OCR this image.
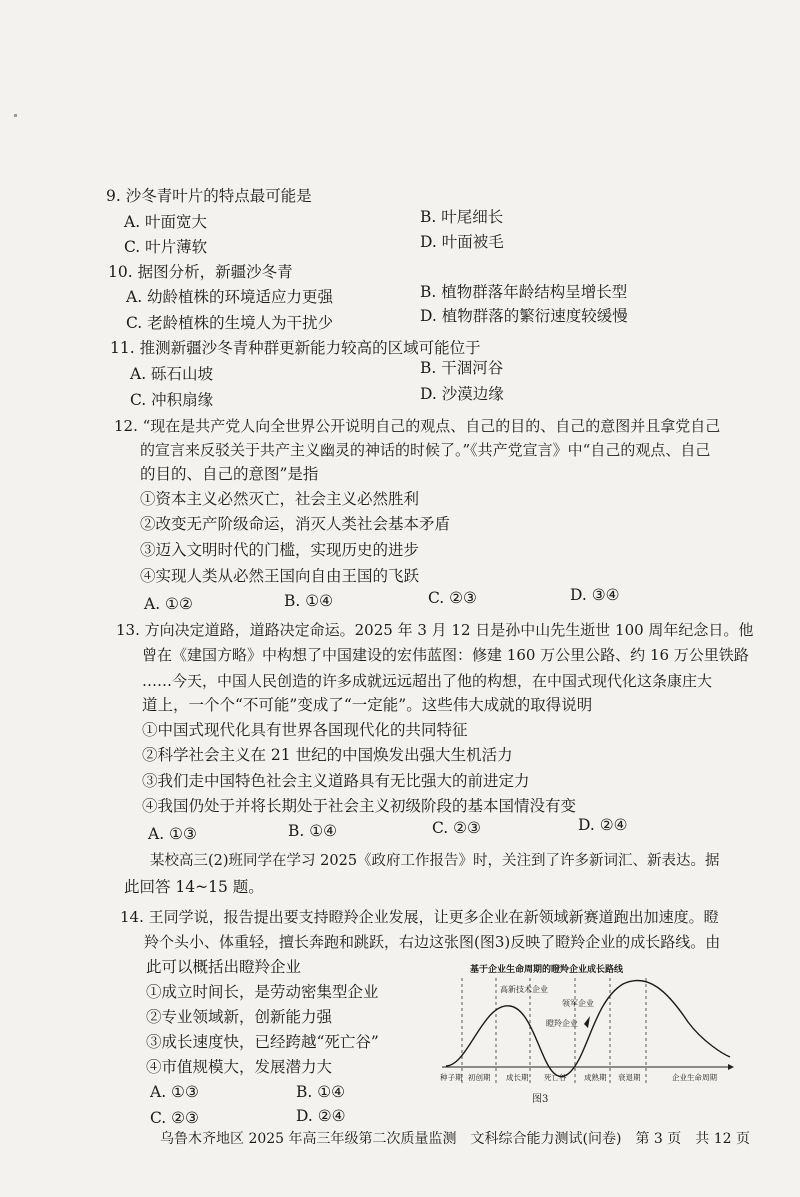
9. 沙冬青叶片的特点最可能是
A. 叶面宽大	B. 叶尾细长
C. 叶片薄软	D. 叶面被毛
10. 据图分析，新疆沙冬青
A. 幼龄植株的环境适应力更强	B. 植物群落年龄结构呈增长型
C. 老龄植株的生境人为干扰少	D. 植物群落的繁衍速度较缓慢
11. 推测新疆沙冬青种群更新能力较高的区域可能位于
A. 砾石山坡	B. 干涸河谷
C. 冲积扇缘	D. 沙漠边缘
12. “现在是共产党人向全世界公开说明自己的观点、自己的目的、自己的意图并且拿党自己
的宣言来反驳关于共产主义幽灵的神话的时候了。”《共产党宣言》中“自己的观点、自己
的目的、自己的意图”是指
①资本主义必然灭亡，社会主义必然胜利
②改变无产阶级命运，消灭人类社会基本矛盾
③迈入文明时代的门槛，实现历史的进步
④实现人类从必然王国向自由王国的飞跃
A. ①②	B. ①④	C. ②③	D. ③④
13. 方向决定道路，道路决定命运。2025 年 3 月 12 日是孙中山先生逝世 100 周年纪念日。他
曾在《建国方略》中构想了中国建设的宏伟蓝图：修建 160 万公里公路、约 16 万公里铁路
……今天，中国人民创造的许多成就远远超出了他的构想，在中国式现代化这条康庄大
道上，一个个“不可能”变成了“一定能”。这些伟大成就的取得说明
①中国式现代化具有世界各国现代化的共同特征
②科学社会主义在 21 世纪的中国焕发出强大生机活力
③我们走中国特色社会主义道路具有无比强大的前进定力
④我国仍处于并将长期处于社会主义初级阶段的基本国情没有变
A. ①③	B. ①④	C. ②③	D. ②④
某校高三(2)班同学在学习 2025《政府工作报告》时，关注到了许多新词汇、新表达。据
此回答 14~15 题。
14. 王同学说，报告提出要支持瞪羚企业发展，让更多企业在新领域新赛道跑出加速度。瞪
羚个头小、体重轻，擅长奔跑和跳跃，右边这张图(图3)反映了瞪羚企业的成长路线。由
此可以概括出瞪羚企业
①成立时间长，是劳动密集型企业
②专业领域新，创新能力强
③成长速度快，已经跨越“死亡谷”
④市值规模大，发展潜力大
A. ①③	B. ①④
C. ②③	D. ②④
基于企业生命周期的瞪羚企业成长路线
高新技术企业
领军企业
瞪羚企业
种子期 初创期 成长期 死亡谷 成熟期 衰退期	企业生命周期
图3
乌鲁木齐地区 2025 年高三年级第二次质量监测　文科综合能力测试(问卷)　第 3 页　共 12 页
